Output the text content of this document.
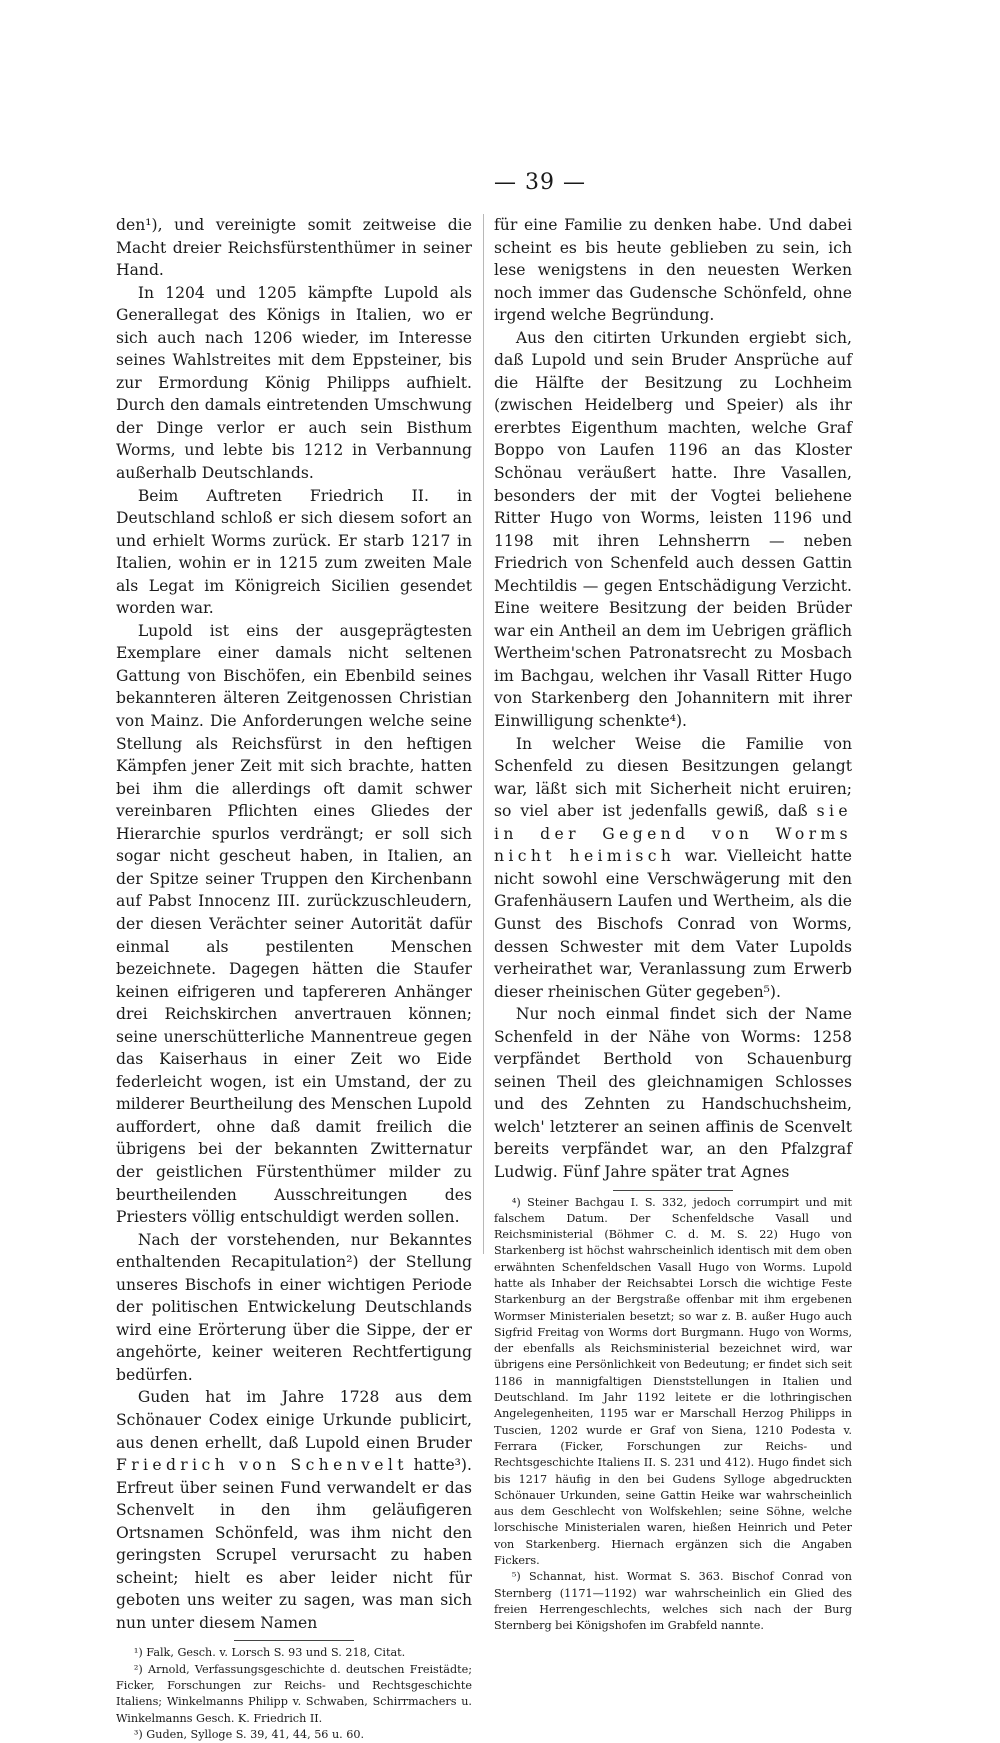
— 39 —

den¹), und vereinigte somit zeitweise die Macht dreier Reichsfürstenthümer in seiner Hand.

In 1204 und 1205 kämpfte Lupold als Generallegat des Königs in Italien, wo er sich auch nach 1206 wieder, im Interesse seines Wahlstreites mit dem Eppsteiner, bis zur Ermordung König Philipps aufhielt. Durch den damals eintretenden Umschwung der Dinge verlor er auch sein Bisthum Worms, und lebte bis 1212 in Verbannung außerhalb Deutschlands.

Beim Auftreten Friedrich II. in Deutschland schloß er sich diesem sofort an und erhielt Worms zurück. Er starb 1217 in Italien, wohin er in 1215 zum zweiten Male als Legat im Königreich Sicilien gesendet worden war.

Lupold ist eins der ausgeprägtesten Exemplare einer damals nicht seltenen Gattung von Bischöfen, ein Ebenbild seines bekannteren älteren Zeitgenossen Christian von Mainz. Die Anforderungen welche seine Stellung als Reichsfürst in den heftigen Kämpfen jener Zeit mit sich brachte, hatten bei ihm die allerdings oft damit schwer vereinbaren Pflichten eines Gliedes der Hierarchie spurlos verdrängt; er soll sich sogar nicht gescheut haben, in Italien, an der Spitze seiner Truppen den Kirchenbann auf Pabst Innocenz III. zurückzuschleudern, der diesen Verächter seiner Autorität dafür einmal als pestilenten Menschen bezeichnete. Dagegen hätten die Staufer keinen eifrigeren und tapfereren Anhänger drei Reichskirchen anvertrauen können; seine unerschütterliche Mannentreue gegen das Kaiserhaus in einer Zeit wo Eide federleicht wogen, ist ein Umstand, der zu milderer Beurtheilung des Menschen Lupold auffordert, ohne daß damit freilich die übrigens bei der bekannten Zwitternatur der geistlichen Fürstenthümer milder zu beurtheilenden Ausschreitungen des Priesters völlig entschuldigt werden sollen.

Nach der vorstehenden, nur Bekanntes enthaltenden Recapitulation²) der Stellung unseres Bischofs in einer wichtigen Periode der politischen Entwickelung Deutschlands wird eine Erörterung über die Sippe, der er angehörte, keiner weiteren Rechtfertigung bedürfen.

Guden hat im Jahre 1728 aus dem Schönauer Codex einige Urkunde publicirt, aus denen erhellt, daß Lupold einen Bruder Friedrich von Schenvelt hatte³). Erfreut über seinen Fund verwandelt er das Schenvelt in den ihm geläufigeren Ortsnamen Schönfeld, was ihm nicht den geringsten Scrupel verursacht zu haben scheint; hielt es aber leider nicht für geboten uns weiter zu sagen, was man sich nun unter diesem Namen

¹) Falk, Gesch. v. Lorsch S. 93 und S. 218, Citat.

²) Arnold, Verfassungsgeschichte d. deutschen Freistädte; Ficker, Forschungen zur Reichs- und Rechtsgeschichte Italiens; Winkelmanns Philipp v. Schwaben, Schirrmachers u. Winkelmanns Gesch. K. Friedrich II.

³) Guden, Sylloge S. 39, 41, 44, 56 u. 60.

für eine Familie zu denken habe. Und dabei scheint es bis heute geblieben zu sein, ich lese wenigstens in den neuesten Werken noch immer das Gudensche Schönfeld, ohne irgend welche Begründung.

Aus den citirten Urkunden ergiebt sich, daß Lupold und sein Bruder Ansprüche auf die Hälfte der Besitzung zu Lochheim (zwischen Heidelberg und Speier) als ihr ererbtes Eigenthum machten, welche Graf Boppo von Laufen 1196 an das Kloster Schönau veräußert hatte. Ihre Vasallen, besonders der mit der Vogtei beliehene Ritter Hugo von Worms, leisten 1196 und 1198 mit ihren Lehnsherrn — neben Friedrich von Schenfeld auch dessen Gattin Mechtildis — gegen Entschädigung Verzicht. Eine weitere Besitzung der beiden Brüder war ein Antheil an dem im Uebrigen gräflich Wertheim'schen Patronatsrecht zu Mosbach im Bachgau, welchen ihr Vasall Ritter Hugo von Starkenberg den Johannitern mit ihrer Einwilligung schenkte⁴).

In welcher Weise die Familie von Schenfeld zu diesen Besitzungen gelangt war, läßt sich mit Sicherheit nicht eruiren; so viel aber ist jedenfalls gewiß, daß sie in der Gegend von Worms nicht heimisch war. Vielleicht hatte nicht sowohl eine Verschwägerung mit den Grafenhäusern Laufen und Wertheim, als die Gunst des Bischofs Conrad von Worms, dessen Schwester mit dem Vater Lupolds verheirathet war, Veranlassung zum Erwerb dieser rheinischen Güter gegeben⁵).

Nur noch einmal findet sich der Name Schenfeld in der Nähe von Worms: 1258 verpfändet Berthold von Schauenburg seinen Theil des gleichnamigen Schlosses und des Zehnten zu Handschuchsheim, welch' letzterer an seinen affinis de Scenvelt bereits verpfändet war, an den Pfalzgraf Ludwig. Fünf Jahre später trat Agnes

⁴) Steiner Bachgau I. S. 332, jedoch corrumpirt und mit falschem Datum. Der Schenfeldsche Vasall und Reichsministerial (Böhmer C. d. M. S. 22) Hugo von Starkenberg ist höchst wahrscheinlich identisch mit dem oben erwähnten Schenfeldschen Vasall Hugo von Worms. Lupold hatte als Inhaber der Reichsabtei Lorsch die wichtige Feste Starkenburg an der Bergstraße offenbar mit ihm ergebenen Wormser Ministerialen besetzt; so war z. B. außer Hugo auch Sigfrid Freitag von Worms dort Burgmann. Hugo von Worms, der ebenfalls als Reichsministerial bezeichnet wird, war übrigens eine Persönlichkeit von Bedeutung; er findet sich seit 1186 in mannigfaltigen Dienststellungen in Italien und Deutschland. Im Jahr 1192 leitete er die lothringischen Angelegenheiten, 1195 war er Marschall Herzog Philipps in Tuscien, 1202 wurde er Graf von Siena, 1210 Podesta v. Ferrara (Ficker, Forschungen zur Reichs- und Rechtsgeschichte Italiens II. S. 231 und 412). Hugo findet sich bis 1217 häufig in den bei Gudens Sylloge abgedruckten Schönauer Urkunden, seine Gattin Heike war wahrscheinlich aus dem Geschlecht von Wolfskehlen; seine Söhne, welche lorschische Ministerialen waren, hießen Heinrich und Peter von Starkenberg. Hiernach ergänzen sich die Angaben Fickers.

⁵) Schannat, hist. Wormat S. 363. Bischof Conrad von Sternberg (1171—1192) war wahrscheinlich ein Glied des freien Herrengeschlechts, welches sich nach der Burg Sternberg bei Königshofen im Grabfeld nannte.
